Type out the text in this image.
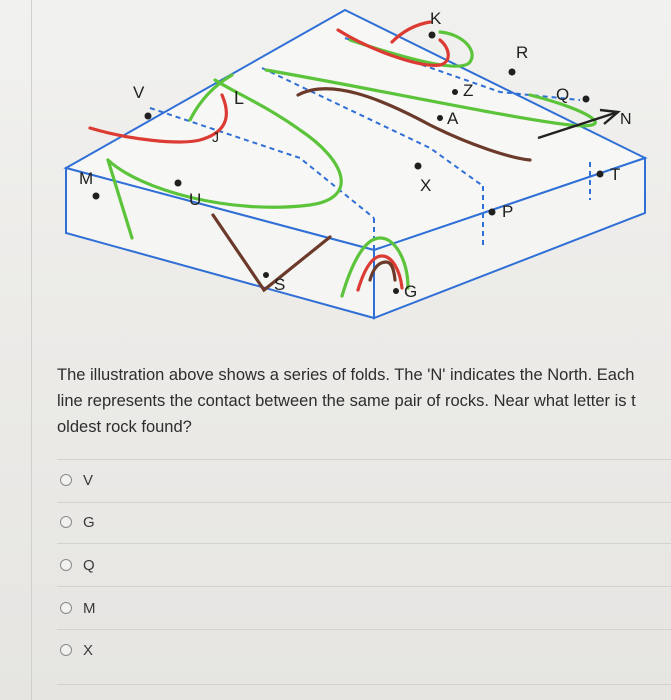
K
R
V	Z	Q
A	N
J
L
M
U
X
T
P
S	G
The illustration above shows a series of folds. The 'N' indicates the North. Each
line represents the contact between the same pair of rocks. Near what letter is t
oldest rock found?
V
G
Q
M
X
